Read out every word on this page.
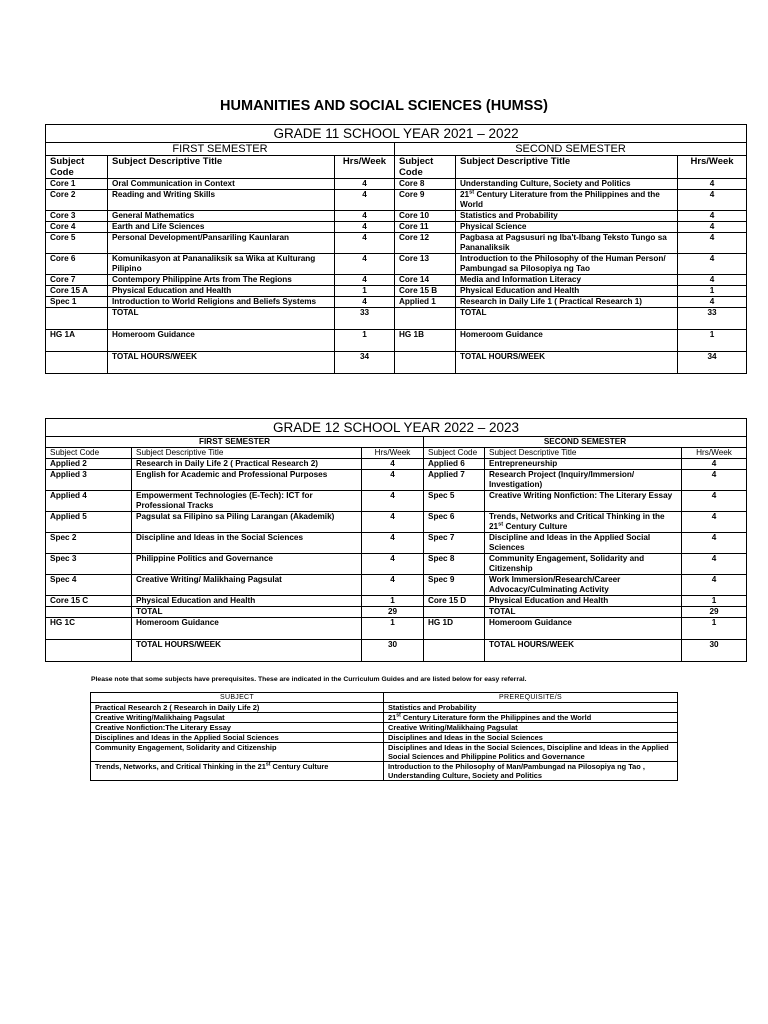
HUMANITIES AND SOCIAL SCIENCES (HUMSS)
GRADE 11 SCHOOL YEAR 2021 – 2022					
FIRST SEMESTER			SECOND SEMESTER		
Subject Code	Subject Descriptive Title	Hrs/Week	Subject Code	Subject Descriptive Title	Hrs/Week
Core 1	Oral Communication in Context	4	Core 8	Understanding Culture, Society and Politics	4
Core 2	Reading and Writing Skills	4	Core 9	21st Century Literature from the Philippines and the World	4
Core 3	General Mathematics	4	Core 10	Statistics and Probability	4
Core 4	Earth and Life Sciences	4	Core 11	Physical Science	4
Core 5	Personal Development/Pansariling Kaunlaran	4	Core 12	Pagbasa at Pagsusuri ng Iba't-Ibang Teksto Tungo sa Pananaliksik	4
Core 6	Komunikasyon at Pananaliksik sa Wika at Kulturang Pilipino	4	Core 13	Introduction to the Philosophy of the Human Person/ Pambungad sa Pilosopiya ng Tao	4
Core 7	Contempory Philippine Arts from The Regions	4	Core 14	Media and Information Literacy	4
Core 15 A	Physical Education and Health	1	Core 15 B	Physical Education and Health	1
Spec 1	Introduction to World Religions and Beliefs Systems	4	Applied 1	Research in Daily Life 1 ( Practical Research 1)	4
	TOTAL	33		TOTAL	33
HG 1A	Homeroom Guidance	1	HG 1B	Homeroom Guidance	1
	TOTAL HOURS/WEEK	34		TOTAL HOURS/WEEK	34
GRADE 12 SCHOOL YEAR 2022 – 2023					
FIRST SEMESTER			SECOND SEMESTER		
Subject Code	Subject Descriptive Title	Hrs/Week	Subject Code	Subject Descriptive Title	Hrs/Week
Applied 2	Research in Daily Life 2 ( Practical Research 2)	4	Applied 6	Entrepreneurship	4
Applied 3	English for Academic and Professional Purposes	4	Applied 7	Research Project (Inquiry/Immersion/ Investigation)	4
Applied 4	Empowerment Technologies (E-Tech): ICT for Professional Tracks	4	Spec 5	Creative Writing Nonfiction: The Literary Essay	4
Applied 5	Pagsulat sa Filipino sa Piling Larangan (Akademik)	4	Spec 6	Trends, Networks and Critical Thinking in the 21st Century Culture	4
Spec 2	Discipline and Ideas in the Social Sciences	4	Spec 7	Discipline and Ideas in the Applied Social Sciences	4
Spec 3	Philippine Politics and Governance	4	Spec 8	Community Engagement, Solidarity and Citizenship	4
Spec 4	Creative Writing/ Malikhaing Pagsulat	4	Spec 9	Work Immersion/Research/Career Advocacy/Culminating Activity	4
Core 15 C	Physical Education and Health	1	Core 15 D	Physical Education and Health	1
	TOTAL	29		TOTAL	29
HG 1C	Homeroom Guidance	1	HG 1D	Homeroom Guidance	1
	TOTAL HOURS/WEEK	30		TOTAL HOURS/WEEK	30
Please note that some subjects have prerequisites. These are indicated in the Curriculum Guides and are listed below for easy referral.
SUBJECT	PREREQUISITE/S
Practical Research 2 ( Research in Daily Life 2)	Statistics and Probability
Creative Writing/Malikhaing Pagsulat	21st Century Literature form the Philippines and the World
Creative Nonfiction:The Literary Essay	Creative Writing/Malikhaing Pagsulat
Disciplines and Ideas in the Applied Social Sciences	Disciplines and Ideas in the Social Sciences
Community Engagement, Solidarity and Citizenship	Disciplines and Ideas in the Social Sciences, Discipline and Ideas in the Applied Social Sciences and Philippine Politics and Governance
Trends, Networks, and Critical Thinking in the 21st Century Culture	Introduction to the Philosophy of Man/Pambungad na Pilosopiya ng Tao , Understanding Culture, Society and Politics
